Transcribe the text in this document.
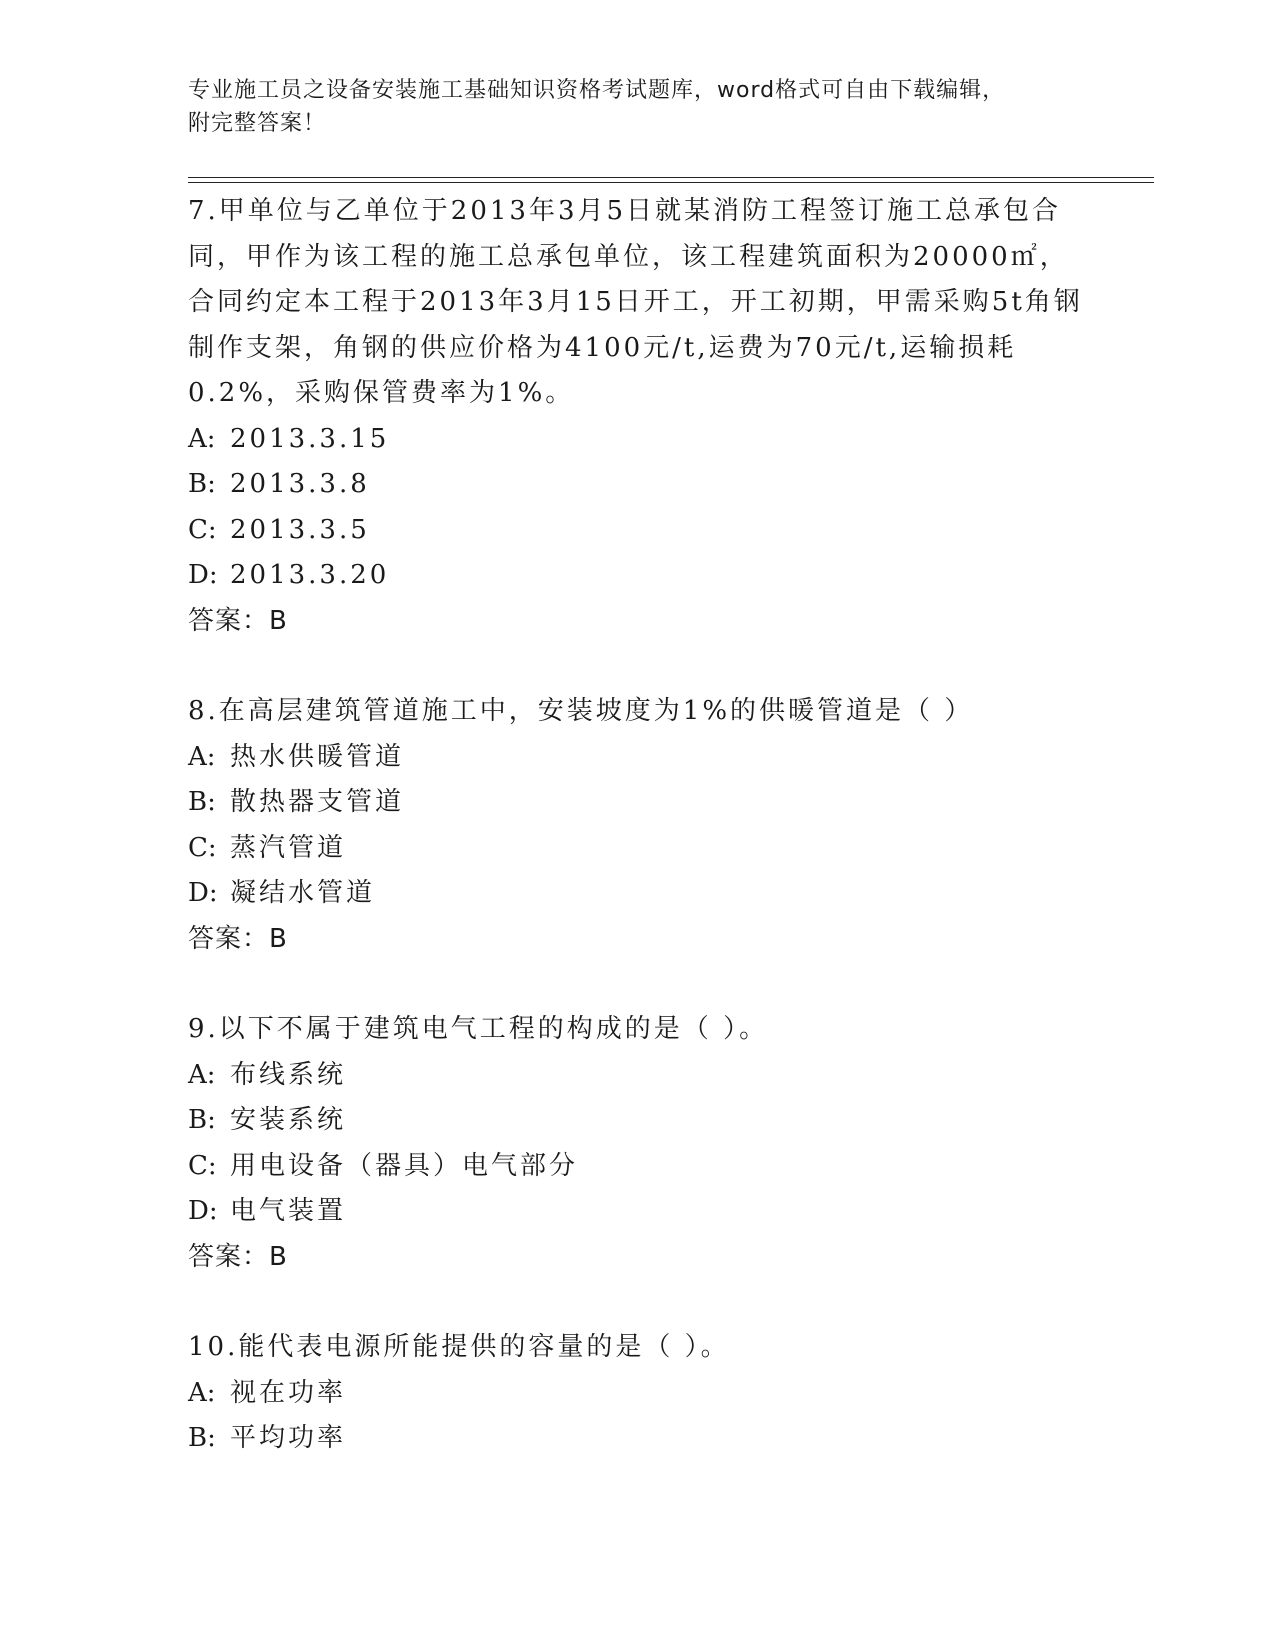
专业施工员之设备安装施工基础知识资格考试题库，word格式可自由下载编辑，
附完整答案！
7.甲单位与乙单位于2013年3月5日就某消防工程签订施工总承包合同，甲作为该工程的施工总承包单位，该工程建筑面积为20000㎡，合同约定本工程于2013年3月15日开工，开工初期，甲需采购5t角钢制作支架，角钢的供应价格为4100元/t,运费为70元/t,运输损耗0.2%，采购保管费率为1%。
A: 2013.3.15
B: 2013.3.8
C: 2013.3.5
D: 2013.3.20
答案：B
8.在高层建筑管道施工中，安装坡度为1%的供暖管道是（ ）
A: 热水供暖管道
B: 散热器支管道
C: 蒸汽管道
D: 凝结水管道
答案：B
9.以下不属于建筑电气工程的构成的是（ ）。
A: 布线系统
B: 安装系统
C: 用电设备（器具）电气部分
D: 电气装置
答案：B
10.能代表电源所能提供的容量的是（ ）。
A: 视在功率
B: 平均功率
